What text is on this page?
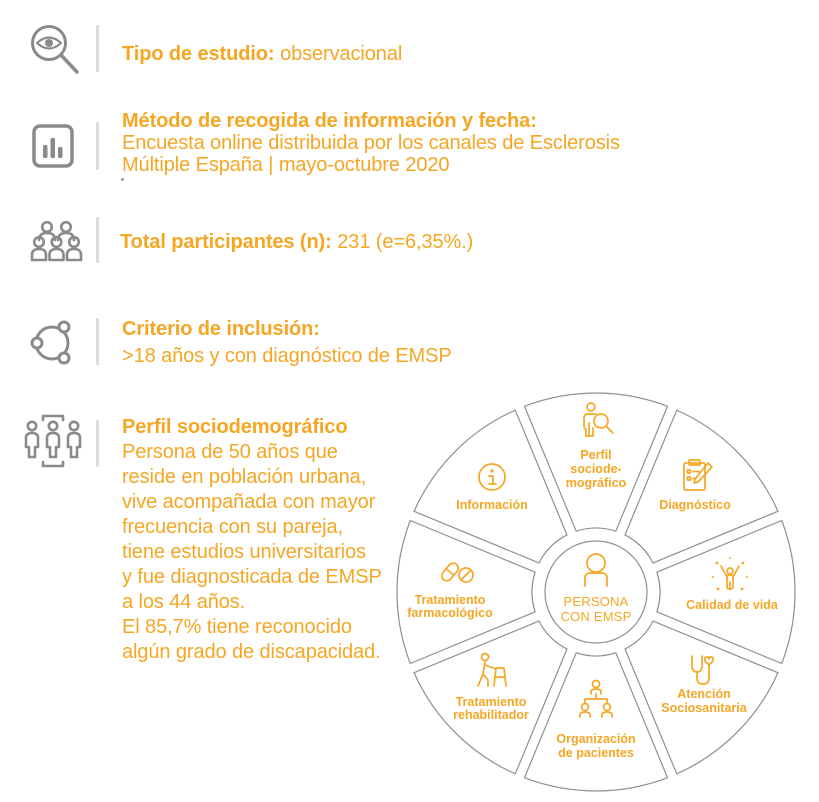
Tipo de estudio: observacional
Método de recogida de información y fecha:
Encuesta online distribuida por los canales de Esclerosis
Múltiple España | mayo-octubre 2020
Total participantes (n): 231 (e=6,35%.)
Criterio de inclusión:
>18 años y con diagnóstico de EMSP
Perfil sociodemográfico
Persona de 50 años que
reside en población urbana,
vive acompañada con mayor
frecuencia con su pareja,
tiene estudios universitarios
y fue diagnosticada de EMSP
a los 44 años.
El 85,7% tiene reconocido
algún grado de discapacidad.
PERSONA
CON EMSP
Perfil
sociode-
mográfico
Diagnóstico
Calidad de vida
Atención
Sociosanitaria
Organización
de pacientes
Tratamiento
rehabilitador
Tratamiento
farmacológico
Información
